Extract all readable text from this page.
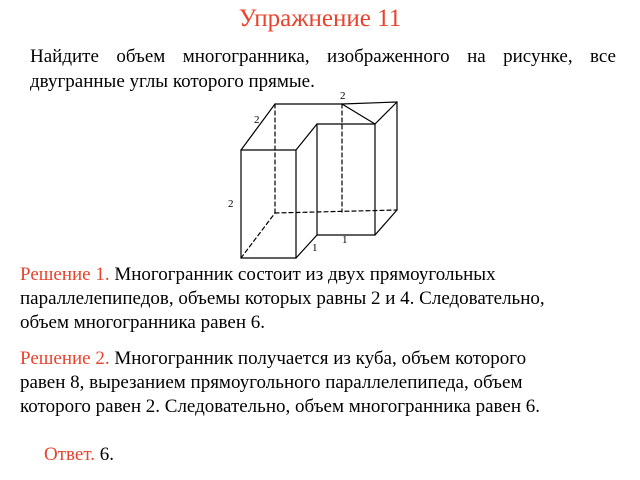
Упражнение 11
Найдите объем многогранника, изображенного на рисунке, все
двугранные углы которого прямые.
2
2
2
1
1
Решение 1. Многогранник состоит из двух прямоугольных
параллелепипедов, объемы которых равны 2 и 4. Следовательно,
объем многогранника равен 6.
Решение 2. Многогранник получается из куба, объем которого
равен 8, вырезанием прямоугольного параллелепипеда, объем
которого равен 2. Следовательно, объем многогранника равен 6.
Ответ. 6.
